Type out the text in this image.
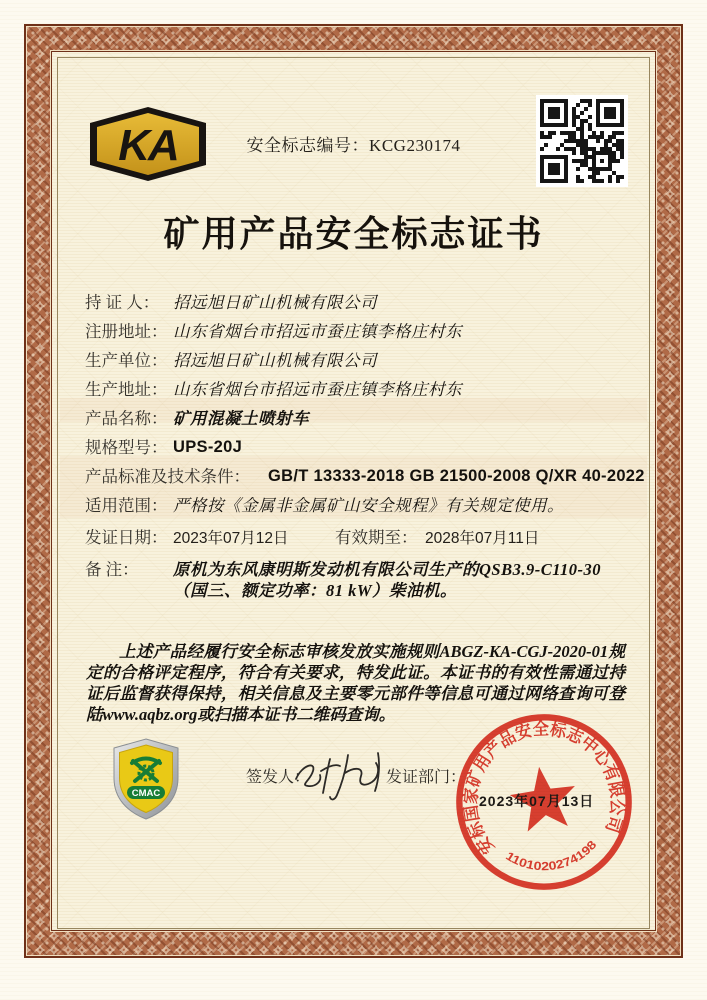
KA	安全标志编号：KCG230174
矿用产品安全标志证书
持 证 人： 招远旭日矿山机械有限公司
注册地址： 山东省烟台市招远市蚕庄镇李格庄村东
生产单位： 招远旭日矿山机械有限公司
生产地址： 山东省烟台市招远市蚕庄镇李格庄村东
产品名称： 矿用混凝土喷射车
规格型号： UPS-20J
产品标准及技术条件： GB/T 13333-2018 GB 21500-2008 Q/XR 40-2022
适用范围： 严格按《金属非金属矿山安全规程》有关规定使用。
发证日期： 2023年07月12日	有效期至： 2028年07月11日
备 注：	原机为东风康明斯发动机有限公司生产的QSB3.9-C110-30（国三、额定功率：81 kW）柴油机。

上述产品经履行安全标志审核发放实施规则ABGZ-KA-CGJ-2020-01规定的合格评定程序，符合有关要求，特发此证。本证书的有效性需通过持证后监督获得保持，相关信息及主要零元部件等信息可通过网络查询可登陆www.aqbz.org或扫描本证书二维码查询。

CMAC
签发人：	发证部门：
安标国家矿用产品安全标志中心有限公司
1101020274198
2023年07月13日
